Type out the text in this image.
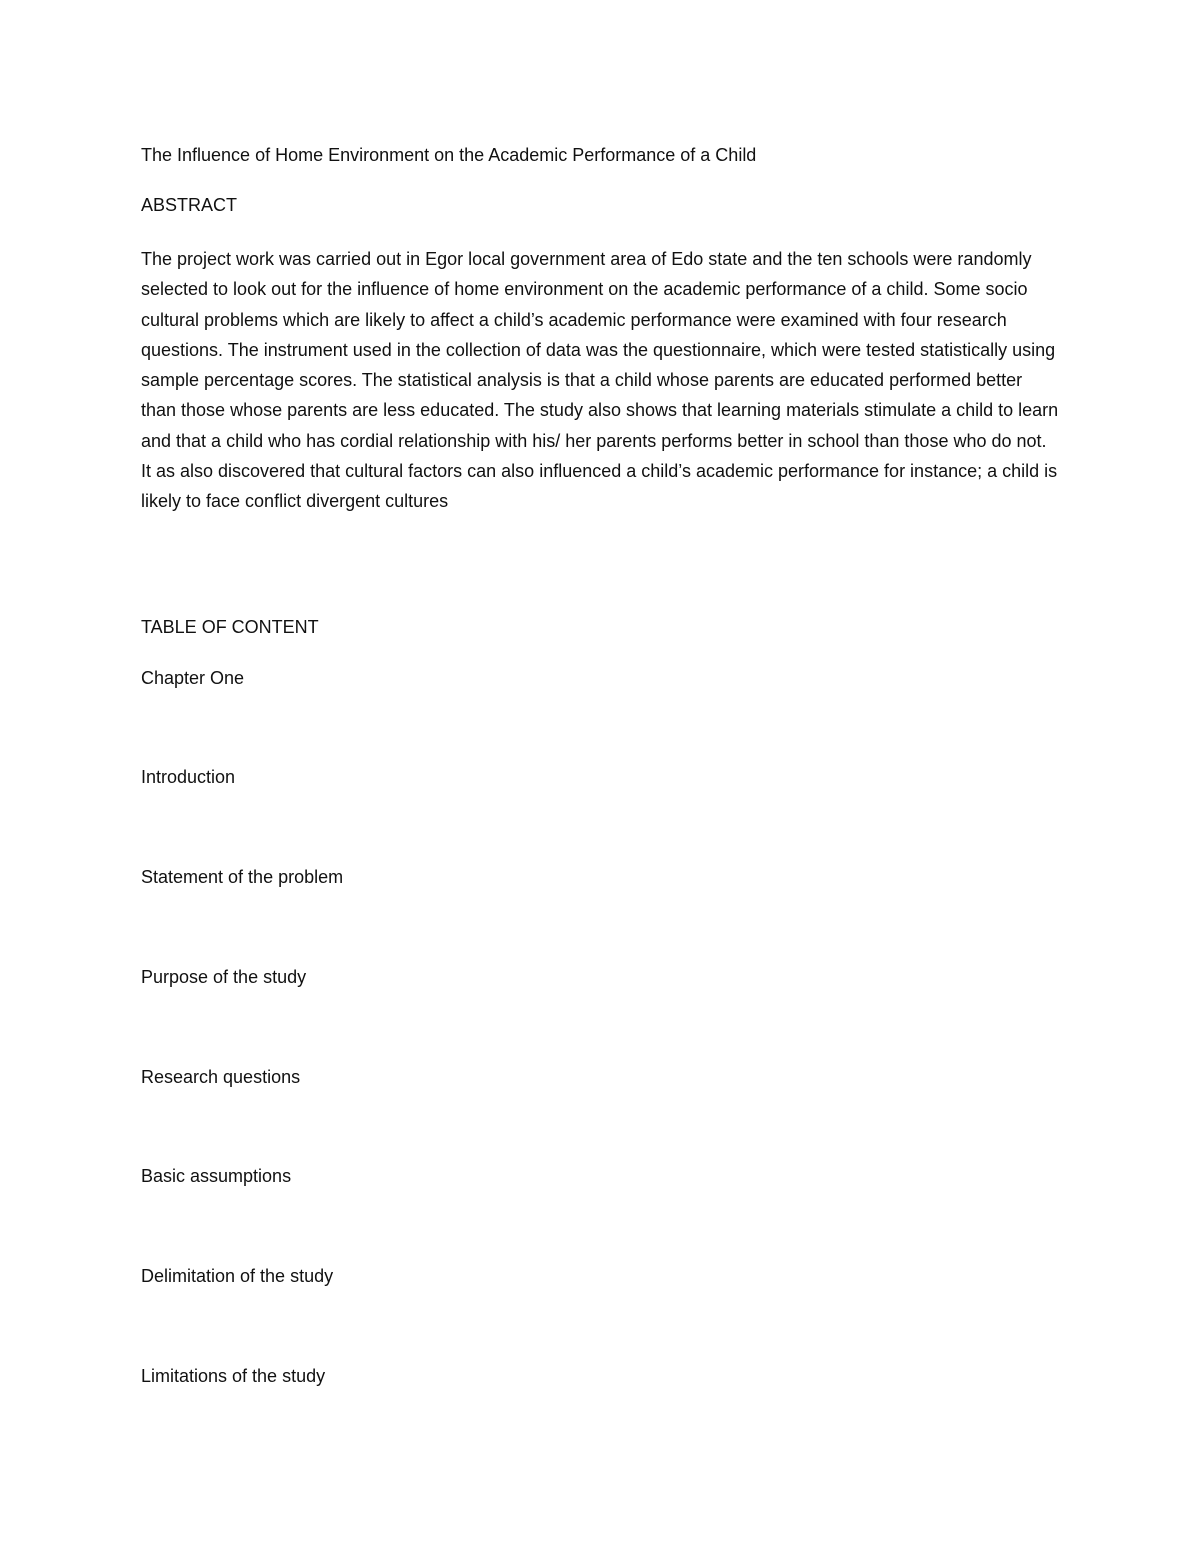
The Influence of Home Environment on the Academic Performance of a Child

ABSTRACT

The project work was carried out in Egor local government area of Edo state and the ten schools were randomly selected to look out for the influence of home environment on the academic performance of a child. Some socio cultural problems which are likely to affect a child’s academic performance were examined with four research questions. The instrument used in the collection of data was the questionnaire, which were tested statistically using sample percentage scores. The statistical analysis is that a child whose parents are educated performed better than those whose parents are less educated. The study also shows that learning materials stimulate a child to learn and that a child who has cordial relationship with his/ her parents performs better in school than those who do not. It as also discovered that cultural factors can also influenced a child’s academic performance for instance; a child is likely to face conflict divergent cultures

TABLE OF CONTENT

Chapter One

Introduction

Statement of the problem

Purpose of the study

Research questions

Basic assumptions

Delimitation of the study

Limitations of the study
